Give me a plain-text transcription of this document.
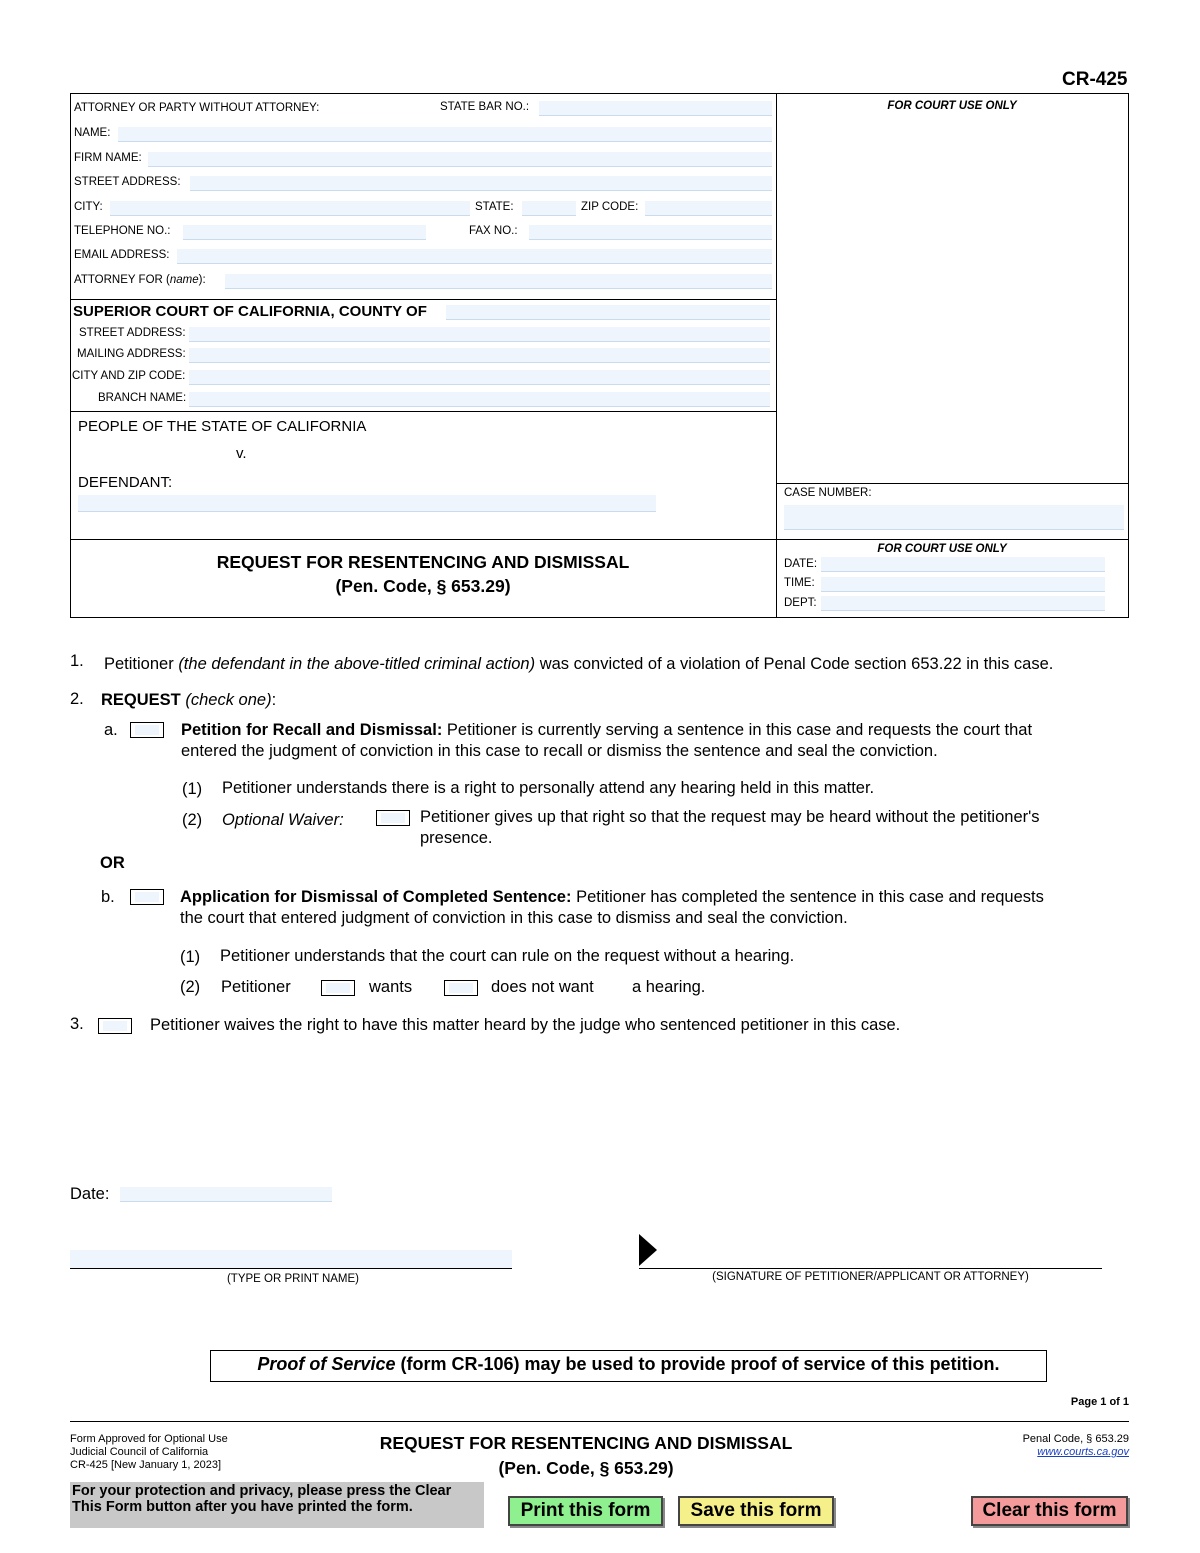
CR-425
ATTORNEY OR PARTY WITHOUT ATTORNEY:	STATE BAR NO.:
NAME:
FIRM NAME:
STREET ADDRESS:
CITY:	STATE:	ZIP CODE:
TELEPHONE NO.:	FAX NO.:
EMAIL ADDRESS:
ATTORNEY FOR (name):
FOR COURT USE ONLY
SUPERIOR COURT OF CALIFORNIA, COUNTY OF
STREET ADDRESS:
MAILING ADDRESS:
CITY AND ZIP CODE:
BRANCH NAME:
PEOPLE OF THE STATE OF CALIFORNIA
v.
DEFENDANT:
CASE NUMBER:
REQUEST FOR RESENTENCING AND DISMISSAL
(Pen. Code, § 653.29)
FOR COURT USE ONLY
DATE:
TIME:
DEPT:
1. Petitioner (the defendant in the above-titled criminal action) was convicted of a violation of Penal Code section 653.22 in this case.
2. REQUEST (check one):
a.	Petition for Recall and Dismissal: Petitioner is currently serving a sentence in this case and requests the court that
entered the judgment of conviction in this case to recall or dismiss the sentence and seal the conviction.
(1) Petitioner understands there is a right to personally attend any hearing held in this matter.
(2) Optional Waiver:	Petitioner gives up that right so that the request may be heard without the petitioner's
presence.
OR
b.	Application for Dismissal of Completed Sentence: Petitioner has completed the sentence in this case and requests
the court that entered judgment of conviction in this case to dismiss and seal the conviction.
(1) Petitioner understands that the court can rule on the request without a hearing.
(2) Petitioner	wants	does not want a hearing.
3.	Petitioner waives the right to have this matter heard by the judge who sentenced petitioner in this case.
Date:
(TYPE OR PRINT NAME)	(SIGNATURE OF PETITIONER/APPLICANT OR ATTORNEY)
Proof of Service (form CR-106) may be used to provide proof of service of this petition.
Page 1 of 1
Form Approved for Optional Use
Judicial Council of California
CR-425 [New January 1, 2023]
REQUEST FOR RESENTENCING AND DISMISSAL
(Pen. Code, § 653.29)
Penal Code, § 653.29
www.courts.ca.gov
For your protection and privacy, please press the Clear
This Form button after you have printed the form.	Print this form	Save this form	Clear this form
